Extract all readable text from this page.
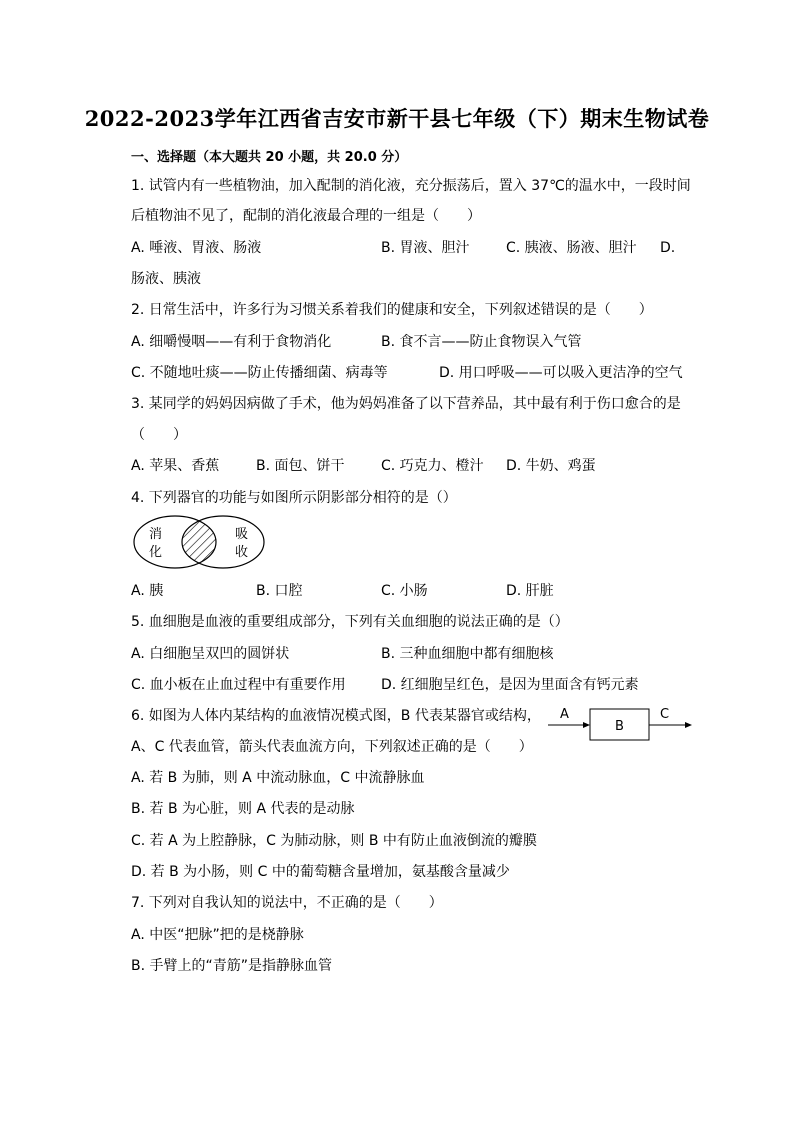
2022-2023学年江西省吉安市新干县七年级（下）期末生物试卷
一、选择题（本大题共 20 小题，共 20.0 分）
1. 试管内有一些植物油，加入配制的消化液，充分振荡后，置入 37℃的温水中，一段时间
后植物油不见了，配制的消化液最合理的一组是（　　）
A. 唾液、胃液、肠液	B. 胃液、胆汁	C. 胰液、肠液、胆汁 D.
肠液、胰液
2. 日常生活中，许多行为习惯关系着我们的健康和安全，下列叙述错误的是（　　）
A. 细嚼慢咽——有利于食物消化	B. 食不言——防止食物误入气管
C. 不随地吐痰——防止传播细菌、病毒等	D. 用口呼吸——可以吸入更洁净的空气
3. 某同学的妈妈因病做了手术，他为妈妈准备了以下营养品，其中最有利于伤口愈合的是
（　　）
A. 苹果、香蕉	B. 面包、饼干	C. 巧克力、橙汁 D. 牛奶、鸡蛋
4. 下列器官的功能与如图所示阴影部分相符的是（）
消
化
吸
收
A. 胰	B. 口腔	C. 小肠	D. 肝脏
5. 血细胞是血液的重要组成部分，下列有关血细胞的说法正确的是（）
A. 白细胞呈双凹的圆饼状	B. 三种血细胞中都有细胞核
C. 血小板在止血过程中有重要作用	D. 红细胞呈红色，是因为里面含有钙元素
6. 如图为人体内某结构的血液情况模式图，B 代表某器官或结构， A
B
C
A、C 代表血管，箭头代表血流方向，下列叙述正确的是（　　）
A. 若 B 为肺，则 A 中流动脉血，C 中流静脉血
B. 若 B 为心脏，则 A 代表的是动脉
C. 若 A 为上腔静脉，C 为肺动脉，则 B 中有防止血液倒流的瓣膜
D. 若 B 为小肠，则 C 中的葡萄糖含量增加，氨基酸含量减少
7. 下列对自我认知的说法中，不正确的是（　　）
A. 中医“把脉”把的是桡静脉
B. 手臂上的“青筋”是指静脉血管
